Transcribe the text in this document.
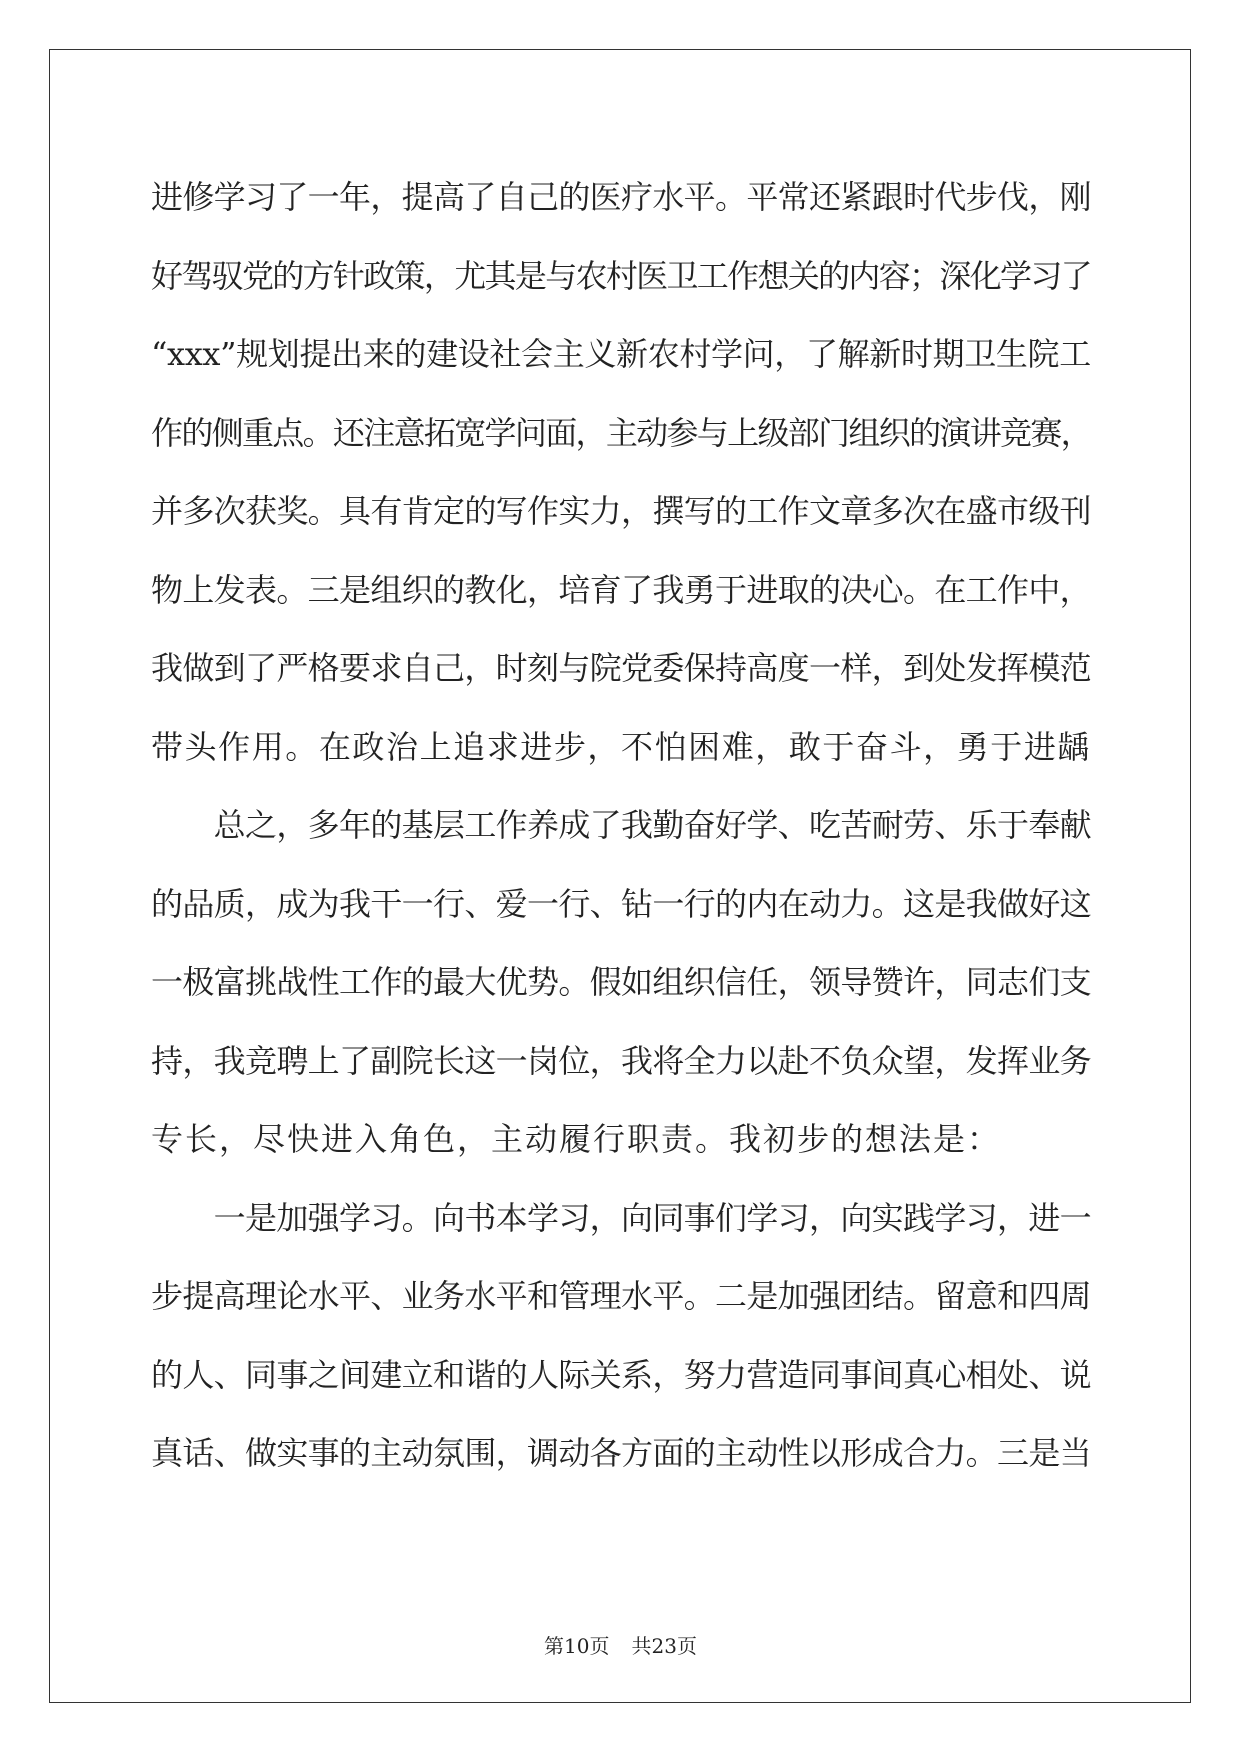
进修学习了一年，提高了自己的医疗水平。平常还紧跟时代步伐，刚
好驾驭党的方针政策，尤其是与农村医卫工作想关的内容；深化学习了
“xxx”规划提出来的建设社会主义新农村学问，了解新时期卫生院工
作的侧重点。还注意拓宽学问面，主动参与上级部门组织的演讲竞赛，
并多次获奖。具有肯定的写作实力，撰写的工作文章多次在盛市级刊
物上发表。三是组织的教化，培育了我勇于进取的决心。在工作中，
我做到了严格要求自己，时刻与院党委保持高度一样，到处发挥模范
带头作用。在政治上追求进步，不怕困难，敢于奋斗，勇于进龋
　　总之，多年的基层工作养成了我勤奋好学、吃苦耐劳、乐于奉献
的品质，成为我干一行、爱一行、钻一行的内在动力。这是我做好这
一极富挑战性工作的最大优势。假如组织信任，领导赞许，同志们支
持，我竞聘上了副院长这一岗位，我将全力以赴不负众望，发挥业务
专长，尽快进入角色，主动履行职责。我初步的想法是：
　　一是加强学习。向书本学习，向同事们学习，向实践学习，进一
步提高理论水平、业务水平和管理水平。二是加强团结。留意和四周
的人、同事之间建立和谐的人际关系，努力营造同事间真心相处、说
真话、做实事的主动氛围，调动各方面的主动性以形成合力。三是当
第10页 共23页
